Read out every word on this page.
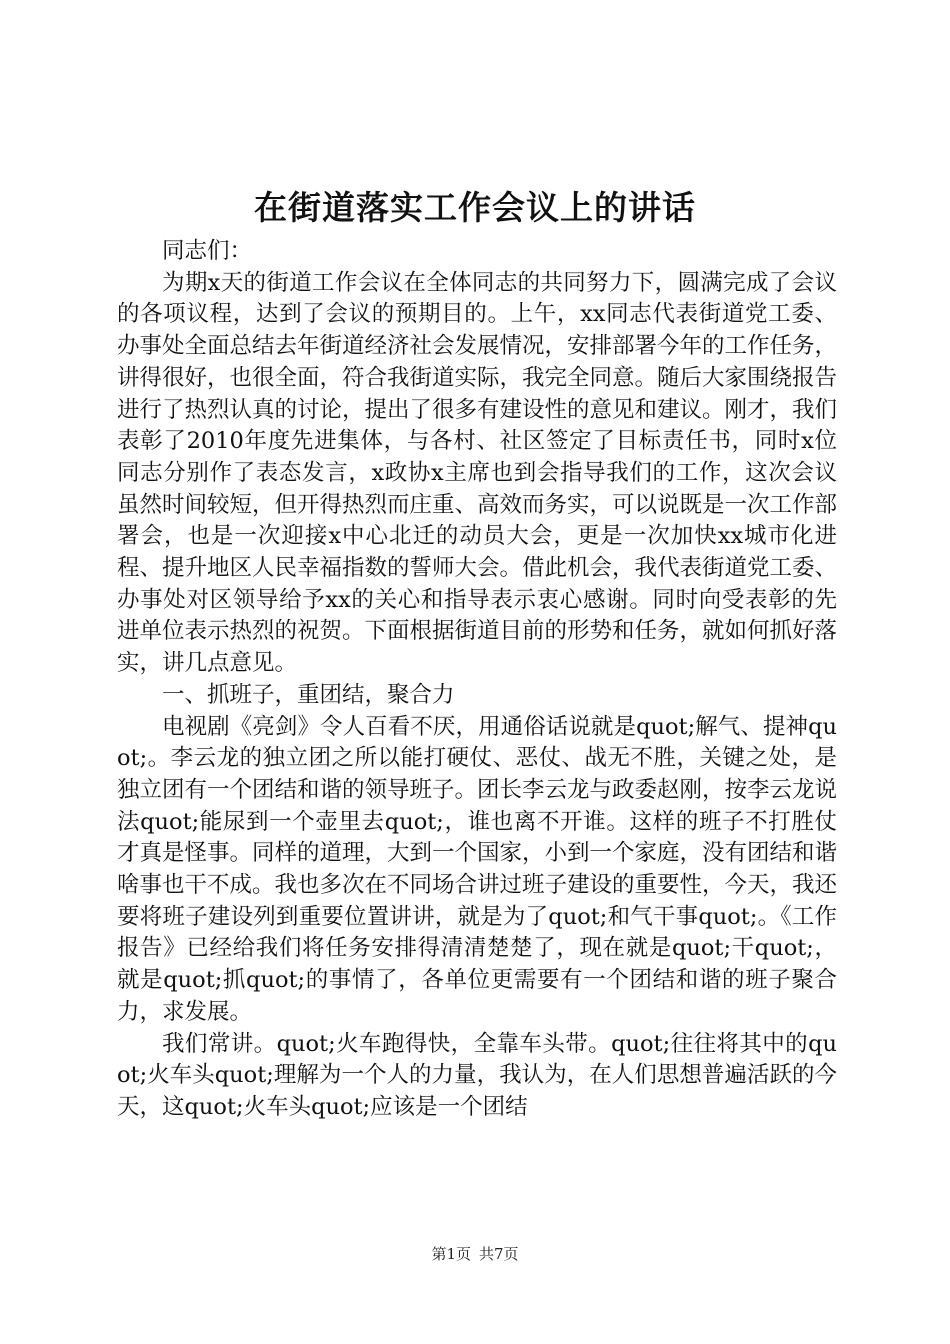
在街道落实工作会议上的讲话

同志们：

为期x天的街道工作会议在全体同志的共同努力下，圆满完成了会议的各项议程，达到了会议的预期目的。上午，xx同志代表街道党工委、办事处全面总结去年街道经济社会发展情况，安排部署今年的工作任务，讲得很好，也很全面，符合我街道实际，我完全同意。随后大家围绕报告进行了热烈认真的讨论，提出了很多有建设性的意见和建议。刚才，我们表彰了2010年度先进集体，与各村、社区签定了目标责任书，同时x位同志分别作了表态发言，x政协x主席也到会指导我们的工作，这次会议虽然时间较短，但开得热烈而庄重、高效而务实，可以说既是一次工作部署会，也是一次迎接x中心北迁的动员大会，更是一次加快xx城市化进程、提升地区人民幸福指数的誓师大会。借此机会，我代表街道党工委、办事处对区领导给予xx的关心和指导表示衷心感谢。同时向受表彰的先进单位表示热烈的祝贺。下面根据街道目前的形势和任务，就如何抓好落实，讲几点意见。

一、抓班子，重团结，聚合力

电视剧《亮剑》令人百看不厌，用通俗话说就是quot;解气、提神quot;。李云龙的独立团之所以能打硬仗、恶仗、战无不胜，关键之处，是独立团有一个团结和谐的领导班子。团长李云龙与政委赵刚，按李云龙说法quot;能尿到一个壶里去quot;，谁也离不开谁。这样的班子不打胜仗才真是怪事。同样的道理，大到一个国家，小到一个家庭，没有团结和谐啥事也干不成。我也多次在不同场合讲过班子建设的重要性，今天，我还要将班子建设列到重要位置讲讲，就是为了quot;和气干事quot;。《工作报告》已经给我们将任务安排得清清楚楚了，现在就是quot;干quot;，就是quot;抓quot;的事情了，各单位更需要有一个团结和谐的班子聚合力，求发展。

我们常讲。quot;火车跑得快，全靠车头带。quot;往往将其中的quot;火车头quot;理解为一个人的力量，我认为，在人们思想普遍活跃的今天，这quot;火车头quot;应该是一个团结

第1页 共7页
